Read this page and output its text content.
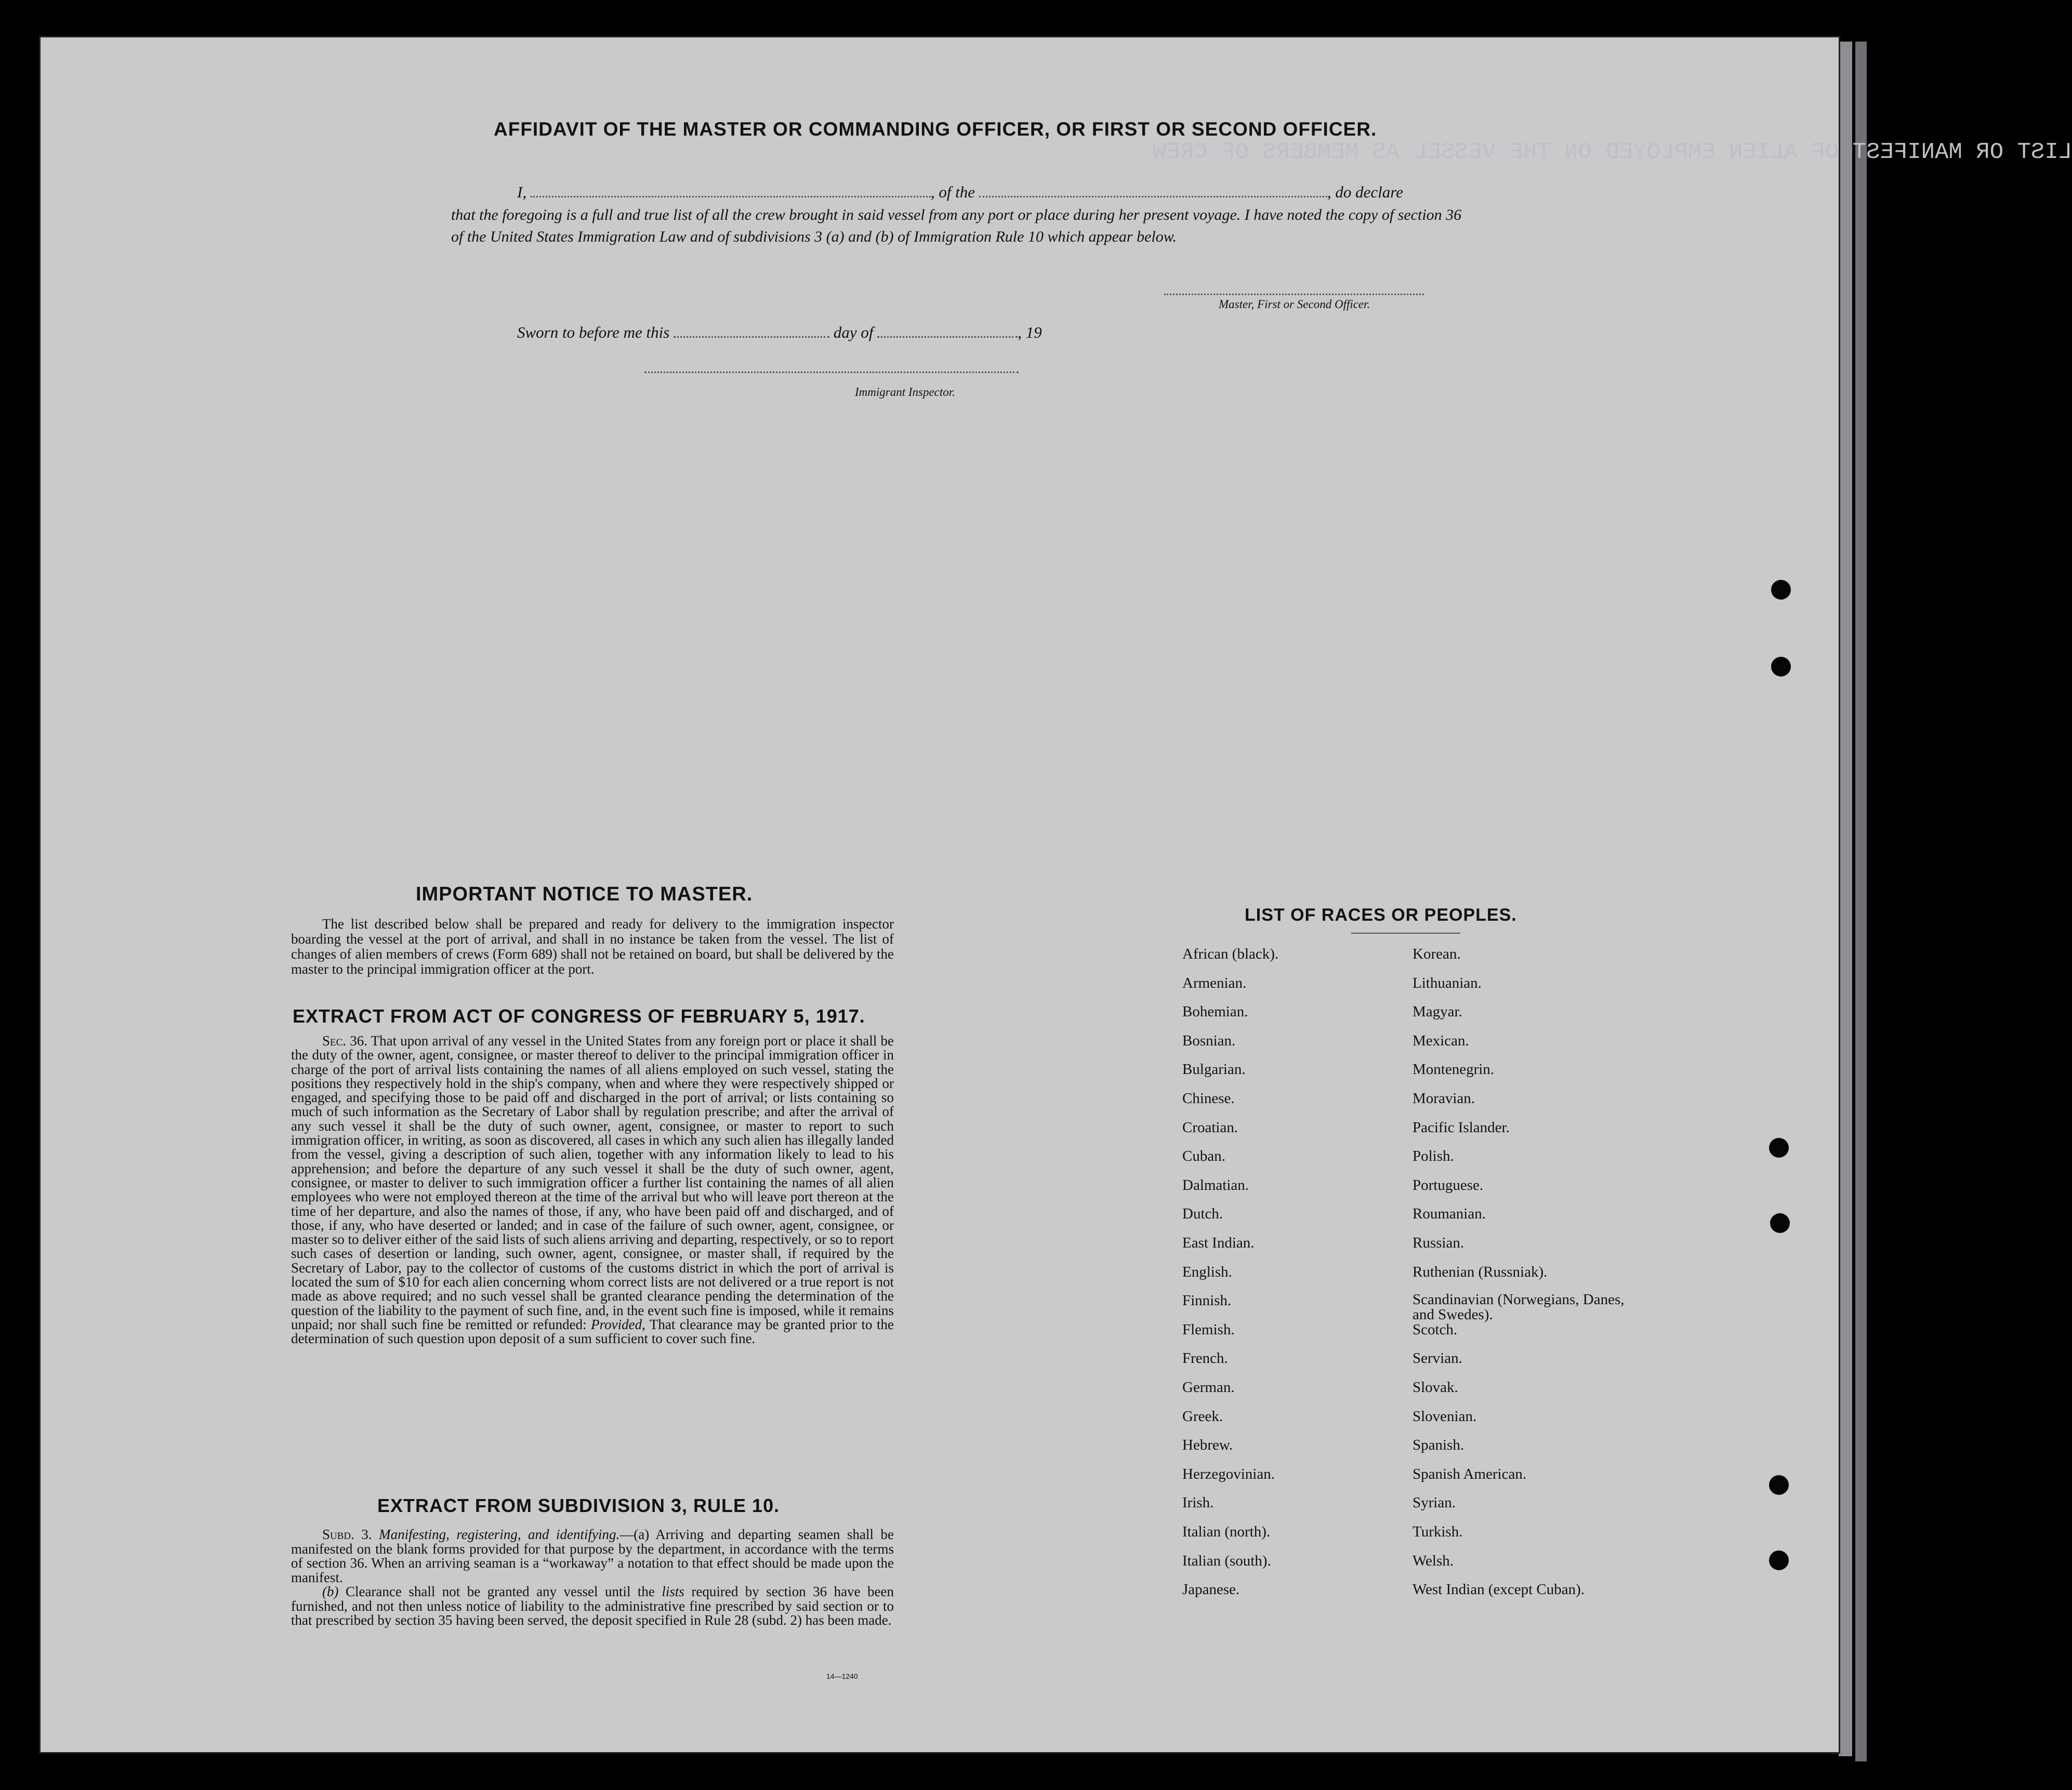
LIST OR MANIFEST OF ALIEN EMPLOYED ON THE VESSEL AS MEMBERS OF CREW
AFFIDAVIT OF THE MASTER OR COMMANDING OFFICER, OR FIRST OR SECOND OFFICER.
I,	, of the	, do declare
that the foregoing is a full and true list of all the crew brought in said vessel from any port or place during her present voyage. I have noted the copy of section 36 of the United States Immigration Law and of subdivisions 3 (a) and (b) of Immigration Rule 10 which appear below.
Master, First or Second Officer.
Sworn to before me this	day of	, 19
Immigrant Inspector.
IMPORTANT NOTICE TO MASTER.
The list described below shall be prepared and ready for delivery to the immigration inspector boarding the vessel at the port of arrival, and shall in no instance be taken from the vessel. The list of changes of alien members of crews (Form 689) shall not be retained on board, but shall be delivered by the master to the principal immigration officer at the port.
EXTRACT FROM ACT OF CONGRESS OF FEBRUARY 5, 1917.
Sec. 36. That upon arrival of any vessel in the United States from any foreign port or place it shall be the duty of the owner, agent, consignee, or master thereof to deliver to the principal immigration officer in charge of the port of arrival lists containing the names of all aliens employed on such vessel, stating the positions they respectively hold in the ship's company, when and where they were respectively shipped or engaged, and specifying those to be paid off and discharged in the port of arrival; or lists containing so much of such information as the Secretary of Labor shall by regulation prescribe; and after the arrival of any such vessel it shall be the duty of such owner, agent, consignee, or master to report to such immigration officer, in writing, as soon as discovered, all cases in which any such alien has illegally landed from the vessel, giving a description of such alien, together with any information likely to lead to his apprehension; and before the departure of any such vessel it shall be the duty of such owner, agent, consignee, or master to deliver to such immigration officer a further list containing the names of all alien employees who were not employed thereon at the time of the arrival but who will leave port thereon at the time of her departure, and also the names of those, if any, who have been paid off and discharged, and of those, if any, who have deserted or landed; and in case of the failure of such owner, agent, consignee, or master so to deliver either of the said lists of such aliens arriving and departing, respectively, or so to report such cases of desertion or landing, such owner, agent, consignee, or master shall, if required by the Secretary of Labor, pay to the collector of customs of the customs district in which the port of arrival is located the sum of $10 for each alien concerning whom correct lists are not delivered or a true report is not made as above required; and no such vessel shall be granted clearance pending the determination of the question of the liability to the payment of such fine, and, in the event such fine is imposed, while it remains unpaid; nor shall such fine be remitted or refunded: Provided, That clearance may be granted prior to the determination of such question upon deposit of a sum sufficient to cover such fine.
EXTRACT FROM SUBDIVISION 3, RULE 10.
Subd. 3. Manifesting, registering, and identifying.—(a) Arriving and departing seamen shall be manifested on the blank forms provided for that purpose by the department, in accordance with the terms of section 36. When an arriving seaman is a “workaway” a notation to that effect should be made upon the manifest.
(b) Clearance shall not be granted any vessel until the lists required by section 36 have been furnished, and not then unless notice of liability to the administrative fine prescribed by said section or to that prescribed by section 35 having been served, the deposit specified in Rule 28 (subd. 2) has been made.
14—1240
LIST OF RACES OR PEOPLES.
African (black).
Armenian.
Bohemian.
Bosnian.
Bulgarian.
Chinese.
Croatian.
Cuban.
Dalmatian.
Dutch.
East Indian.
English.
Finnish.
Flemish.
French.
German.
Greek.
Hebrew.
Herzegovinian.
Irish.
Italian (north).
Italian (south).
Japanese.
Korean.
Lithuanian.
Magyar.
Mexican.
Montenegrin.
Moravian.
Pacific Islander.
Polish.
Portuguese.
Roumanian.
Russian.
Ruthenian (Russniak).
Scandinavian (Norwegians, Danes, and Swedes).
Scotch.
Servian.
Slovak.
Slovenian.
Spanish.
Spanish American.
Syrian.
Turkish.
Welsh.
West Indian (except Cuban).
